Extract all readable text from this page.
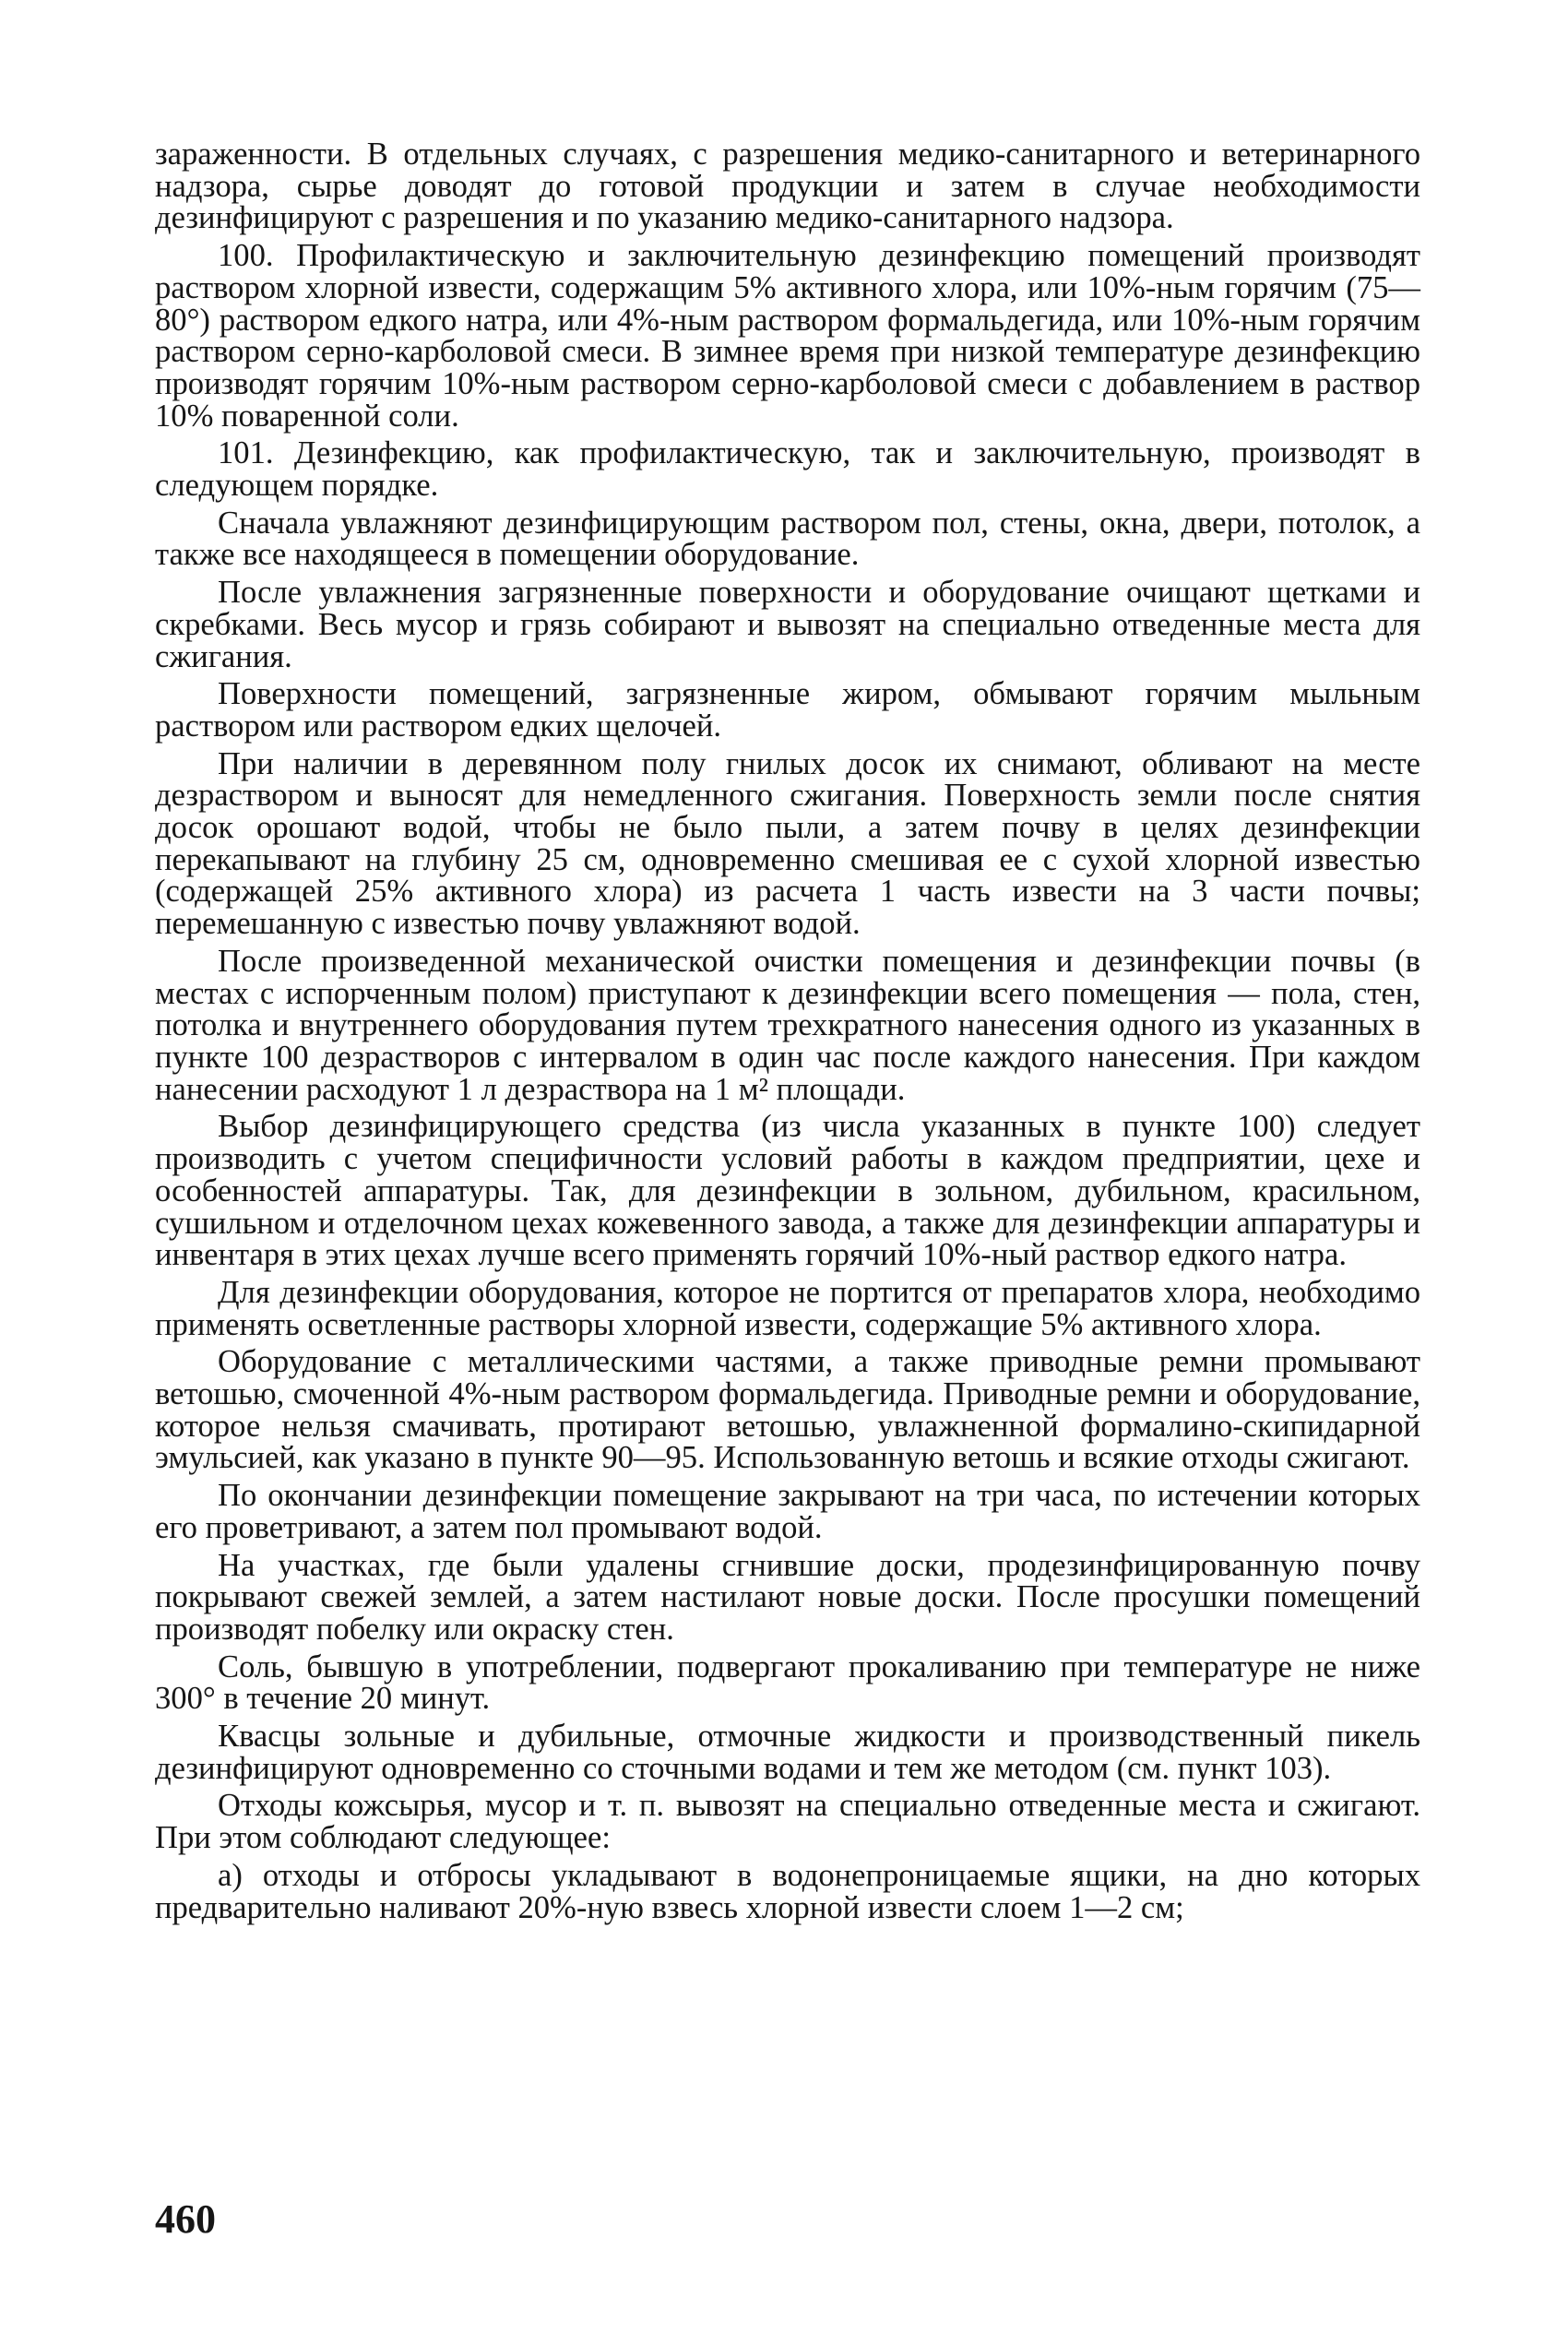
зараженности. В отдельных случаях, с разрешения медико-санитарного и ветеринарного надзора, сырье доводят до готовой продукции и затем в случае необходимости дезинфицируют с разрешения и по указанию медико-санитарного надзора.

100. Профилактическую и заключительную дезинфекцию помещений производят раствором хлорной извести, содержащим 5% активного хлора, или 10%-ным горячим (75—80°) раствором едкого натра, или 4%-ным раствором формальдегида, или 10%-ным горячим раствором серно-карболовой смеси. В зимнее время при низкой температуре дезинфекцию производят горячим 10%-ным раствором серно-карболовой смеси с добавлением в раствор 10% поваренной соли.

101. Дезинфекцию, как профилактическую, так и заключительную, производят в следующем порядке.

Сначала увлажняют дезинфицирующим раствором пол, стены, окна, двери, потолок, а также все находящееся в помещении оборудование.

После увлажнения загрязненные поверхности и оборудование очищают щетками и скребками. Весь мусор и грязь собирают и вывозят на специально отведенные места для сжигания.

Поверхности помещений, загрязненные жиром, обмывают горячим мыльным раствором или раствором едких щелочей.

При наличии в деревянном полу гнилых досок их снимают, обливают на месте дезраствором и выносят для немедленного сжигания. Поверхность земли после снятия досок орошают водой, чтобы не было пыли, а затем почву в целях дезинфекции перекапывают на глубину 25 см, одновременно смешивая ее с сухой хлорной известью (содержащей 25% активного хлора) из расчета 1 часть извести на 3 части почвы; перемешанную с известью почву увлажняют водой.

После произведенной механической очистки помещения и дезинфекции почвы (в местах с испорченным полом) приступают к дезинфекции всего помещения — пола, стен, потолка и внутреннего оборудования путем трехкратного нанесения одного из указанных в пункте 100 дезрастворов с интервалом в один час после каждого нанесения. При каждом нанесении расходуют 1 л дезраствора на 1 м² площади.

Выбор дезинфицирующего средства (из числа указанных в пункте 100) следует производить с учетом специфичности условий работы в каждом предприятии, цехе и особенностей аппаратуры. Так, для дезинфекции в зольном, дубильном, красильном, сушильном и отделочном цехах кожевенного завода, а также для дезинфекции аппаратуры и инвентаря в этих цехах лучше всего применять горячий 10%-ный раствор едкого натра.

Для дезинфекции оборудования, которое не портится от препаратов хлора, необходимо применять осветленные растворы хлорной извести, содержащие 5% активного хлора.

Оборудование с металлическими частями, а также приводные ремни промывают ветошью, смоченной 4%-ным раствором формальдегида. Приводные ремни и оборудование, которое нельзя смачивать, протирают ветошью, увлажненной формалино-скипидарной эмульсией, как указано в пункте 90—95. Использованную ветошь и всякие отходы сжигают.

По окончании дезинфекции помещение закрывают на три часа, по истечении которых его проветривают, а затем пол промывают водой.

На участках, где были удалены сгнившие доски, продезинфицированную почву покрывают свежей землей, а затем настилают новые доски. После просушки помещений производят побелку или окраску стен.

Соль, бывшую в употреблении, подвергают прокаливанию при температуре не ниже 300° в течение 20 минут.

Квасцы зольные и дубильные, отмочные жидкости и производственный пикель дезинфицируют одновременно со сточными водами и тем же методом (см. пункт 103).

Отходы кожсырья, мусор и т. п. вывозят на специально отведенные места и сжигают. При этом соблюдают следующее:

а) отходы и отбросы укладывают в водонепроницаемые ящики, на дно которых предварительно наливают 20%-ную взвесь хлорной извести слоем 1—2 см;

460
